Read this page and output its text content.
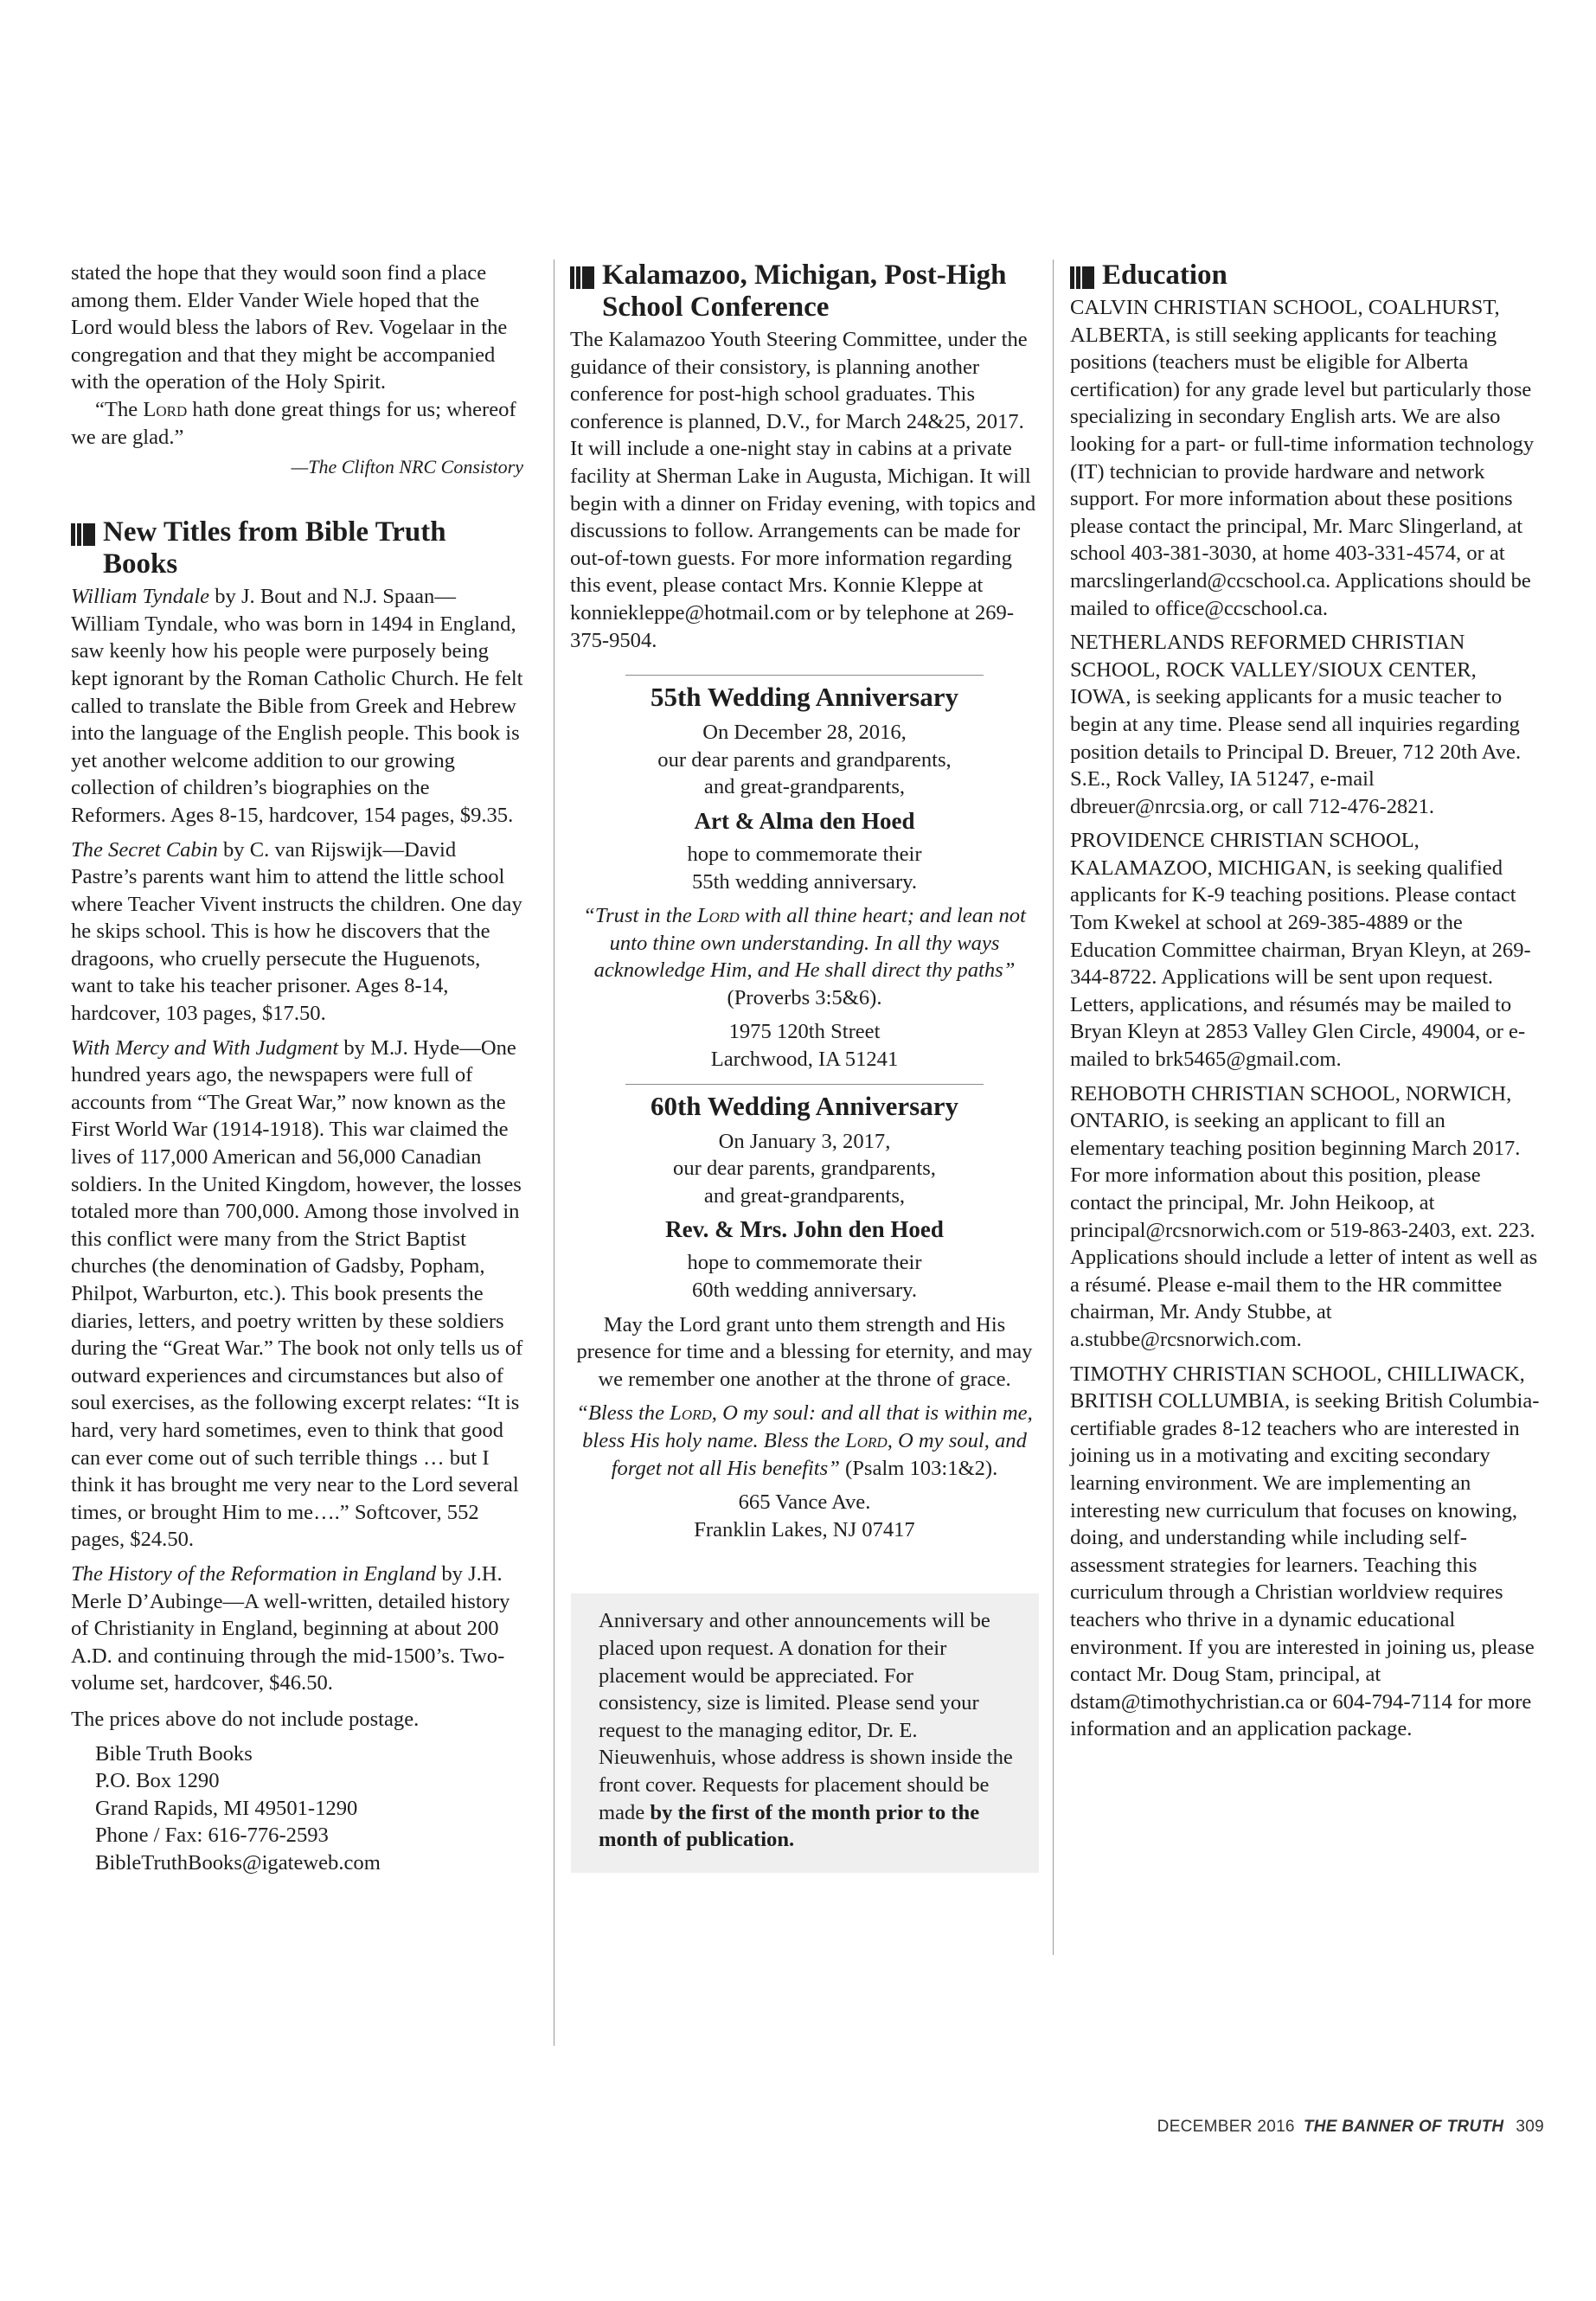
stated the hope that they would soon find a place among them. Elder Vander Wiele hoped that the Lord would bless the labors of Rev. Vogelaar in the congregation and that they might be accompanied with the operation of the Holy Spirit.

“The Lord hath done great things for us; whereof we are glad.”

—The Clifton NRC Consistory

New Titles from Bible Truth Books

William Tyndale by J. Bout and N.J. Spaan—William Tyndale, who was born in 1494 in England, saw keenly how his people were purposely being kept ignorant by the Roman Catholic Church. He felt called to translate the Bible from Greek and Hebrew into the language of the English people. This book is yet another welcome addition to our growing collection of children’s biographies on the Reformers. Ages 8-15, hardcover, 154 pages, $9.35.

The Secret Cabin by C. van Rijswijk—David Pastre’s parents want him to attend the little school where Teacher Vivent instructs the children. One day he skips school. This is how he discovers that the dragoons, who cruelly persecute the Huguenots, want to take his teacher prisoner. Ages 8-14, hardcover, 103 pages, $17.50.

With Mercy and With Judgment by M.J. Hyde—One hundred years ago, the newspapers were full of accounts from “The Great War,” now known as the First World War (1914-1918). This war claimed the lives of 117,000 American and 56,000 Canadian soldiers. In the United Kingdom, however, the losses totaled more than 700,000. Among those involved in this conflict were many from the Strict Baptist churches (the denomination of Gadsby, Popham, Philpot, Warburton, etc.). This book presents the diaries, letters, and poetry written by these soldiers during the “Great War.” The book not only tells us of outward experiences and circumstances but also of soul exercises, as the following excerpt relates: “It is hard, very hard sometimes, even to think that good can ever come out of such terrible things … but I think it has brought me very near to the Lord several times, or brought Him to me….” Softcover, 552 pages, $24.50.

The History of the Reformation in England by J.H. Merle D’Aubinge—A well-written, detailed history of Christianity in England, beginning at about 200 A.D. and continuing through the mid-1500’s. Two-volume set, hardcover, $46.50.

The prices above do not include postage.

Bible Truth Books

P.O. Box 1290

Grand Rapids, MI 49501-1290

Phone / Fax: 616-776-2593

BibleTruthBooks@igateweb.com

Kalamazoo, Michigan, Post-High School Conference

The Kalamazoo Youth Steering Committee, under the guidance of their consistory, is planning another conference for post-high school graduates. This conference is planned, D.V., for March 24&25, 2017. It will include a one-night stay in cabins at a private facility at Sherman Lake in Augusta, Michigan. It will begin with a dinner on Friday evening, with topics and discussions to follow. Arrangements can be made for out-of-town guests. For more information regarding this event, please contact Mrs. Konnie Kleppe at konniekleppe@hotmail.com or by telephone at 269-375-9504.

55th Wedding Anniversary

On December 28, 2016,

our dear parents and grandparents,

and great-grandparents,

Art & Alma den Hoed

hope to commemorate their

55th wedding anniversary.

“Trust in the Lord with all thine heart; and lean not unto thine own understanding. In all thy ways acknowledge Him, and He shall direct thy paths” (Proverbs 3:5&6).

1975 120th Street

Larchwood, IA 51241

60th Wedding Anniversary

On January 3, 2017,

our dear parents, grandparents,

and great-grandparents,

Rev. & Mrs. John den Hoed

hope to commemorate their

60th wedding anniversary.

May the Lord grant unto them strength and His presence for time and a blessing for eternity, and may we remember one another at the throne of grace.

“Bless the Lord, O my soul: and all that is within me, bless His holy name. Bless the Lord, O my soul, and forget not all His benefits” (Psalm 103:1&2).

665 Vance Ave.

Franklin Lakes, NJ 07417

Anniversary and other announcements will be placed upon request. A donation for their placement would be appreciated. For consistency, size is limited. Please send your request to the managing editor, Dr. E. Nieuwenhuis, whose address is shown inside the front cover. Requests for placement should be made by the first of the month prior to the month of publication.

Education

CALVIN CHRISTIAN SCHOOL, COALHURST, ALBERTA, is still seeking applicants for teaching positions (teachers must be eligible for Alberta certification) for any grade level but particularly those specializing in secondary English arts. We are also looking for a part- or full-time information technology (IT) technician to provide hardware and network support. For more information about these positions please contact the principal, Mr. Marc Slingerland, at school 403-381-3030, at home 403-331-4574, or at marcslingerland@ccschool.ca. Applications should be mailed to office@ccschool.ca.

NETHERLANDS REFORMED CHRISTIAN SCHOOL, ROCK VALLEY/SIOUX CENTER, IOWA, is seeking applicants for a music teacher to begin at any time. Please send all inquiries regarding position details to Principal D. Breuer, 712 20th Ave. S.E., Rock Valley, IA 51247, e-mail dbreuer@nrcsia.org, or call 712-476-2821.

PROVIDENCE CHRISTIAN SCHOOL, KALAMAZOO, MICHIGAN, is seeking qualified applicants for K-9 teaching positions. Please contact Tom Kwekel at school at 269-385-4889 or the Education Committee chairman, Bryan Kleyn, at 269-344-8722. Applications will be sent upon request. Letters, applications, and résumés may be mailed to Bryan Kleyn at 2853 Valley Glen Circle, 49004, or e-mailed to brk5465@gmail.com.

REHOBOTH CHRISTIAN SCHOOL, NORWICH, ONTARIO, is seeking an applicant to fill an elementary teaching position beginning March 2017. For more information about this position, please contact the principal, Mr. John Heikoop, at principal@rcsnorwich.com or 519-863-2403, ext. 223. Applications should include a letter of intent as well as a résumé. Please e-mail them to the HR committee chairman, Mr. Andy Stubbe, at a.stubbe@rcsnorwich.com.

TIMOTHY CHRISTIAN SCHOOL, CHILLIWACK, BRITISH COLLUMBIA, is seeking British Columbia-certifiable grades 8-12 teachers who are interested in joining us in a motivating and exciting secondary learning environment. We are implementing an interesting new curriculum that focuses on knowing, doing, and understanding while including self-assessment strategies for learners. Teaching this curriculum through a Christian worldview requires teachers who thrive in a dynamic educational environment. If you are interested in joining us, please contact Mr. Doug Stam, principal, at dstam@timothychristian.ca or 604-794-7114 for more information and an application package.

DECEMBER 2016 THE BANNER OF TRUTH 309
